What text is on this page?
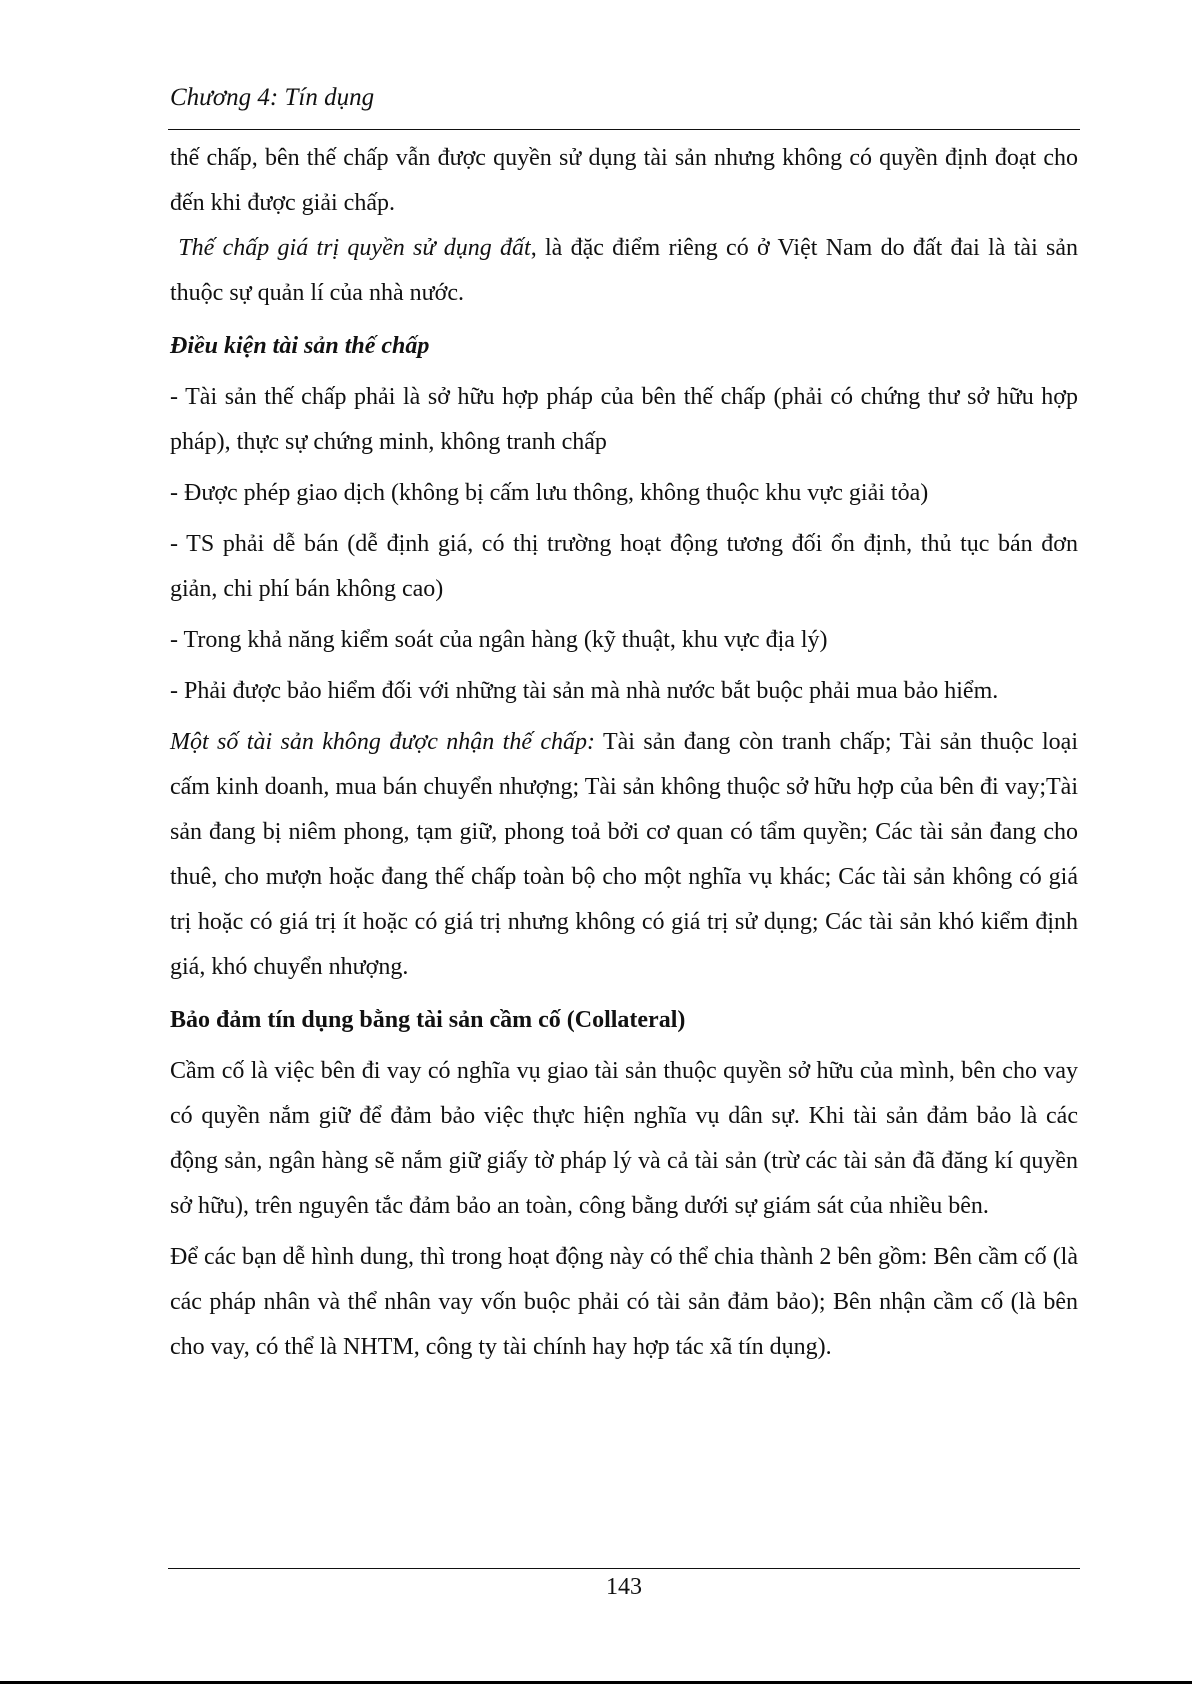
Chương 4: Tín dụng

thế chấp, bên thế chấp vẫn được quyền sử dụng tài sản nhưng không có quyền định đoạt cho đến khi được giải chấp.

Thế chấp giá trị quyền sử dụng đất, là đặc điểm riêng có ở Việt Nam do đất đai là tài sản thuộc sự quản lí của nhà nước.

Điều kiện tài sản thế chấp

- Tài sản thế chấp phải là sở hữu hợp pháp của bên thế chấp (phải có chứng thư sở hữu hợp pháp), thực sự chứng minh, không tranh chấp

- Được phép giao dịch (không bị cấm lưu thông, không thuộc khu vực giải tỏa)

- TS phải dễ bán (dễ định giá, có thị trường hoạt động tương đối ổn định, thủ tục bán đơn giản, chi phí bán không cao)

- Trong khả năng kiểm soát của ngân hàng (kỹ thuật, khu vực địa lý)

- Phải được bảo hiểm đối với những tài sản mà nhà nước bắt buộc phải mua bảo hiểm.

Một số tài sản không được nhận thế chấp: Tài sản đang còn tranh chấp; Tài sản thuộc loại cấm kinh doanh, mua bán chuyển nhượng; Tài sản không thuộc sở hữu hợp của bên đi vay;Tài sản đang bị niêm phong, tạm giữ, phong toả bởi cơ quan có tẩm quyền; Các tài sản đang cho thuê, cho mượn hoặc đang thế chấp toàn bộ cho một nghĩa vụ khác; Các tài sản không có giá trị hoặc có giá trị ít hoặc có giá trị nhưng không có giá trị sử dụng; Các tài sản khó kiểm định giá, khó chuyển nhượng.

Bảo đảm tín dụng bằng tài sản cầm cố (Collateral)

Cầm cố là việc bên đi vay có nghĩa vụ giao tài sản thuộc quyền sở hữu của mình, bên cho vay có quyền nắm giữ để đảm bảo việc thực hiện nghĩa vụ dân sự. Khi tài sản đảm bảo là các động sản, ngân hàng sẽ nắm giữ giấy tờ pháp lý và cả tài sản (trừ các tài sản đã đăng kí quyền sở hữu), trên nguyên tắc đảm bảo an toàn, công bằng dưới sự giám sát của nhiều bên.

Để các bạn dễ hình dung, thì trong hoạt động này có thể chia thành 2 bên gồm: Bên cầm cố (là các pháp nhân và thể nhân vay vốn buộc phải có tài sản đảm bảo); Bên nhận cầm cố (là bên cho vay, có thể là NHTM, công ty tài chính hay hợp tác xã tín dụng).

143
